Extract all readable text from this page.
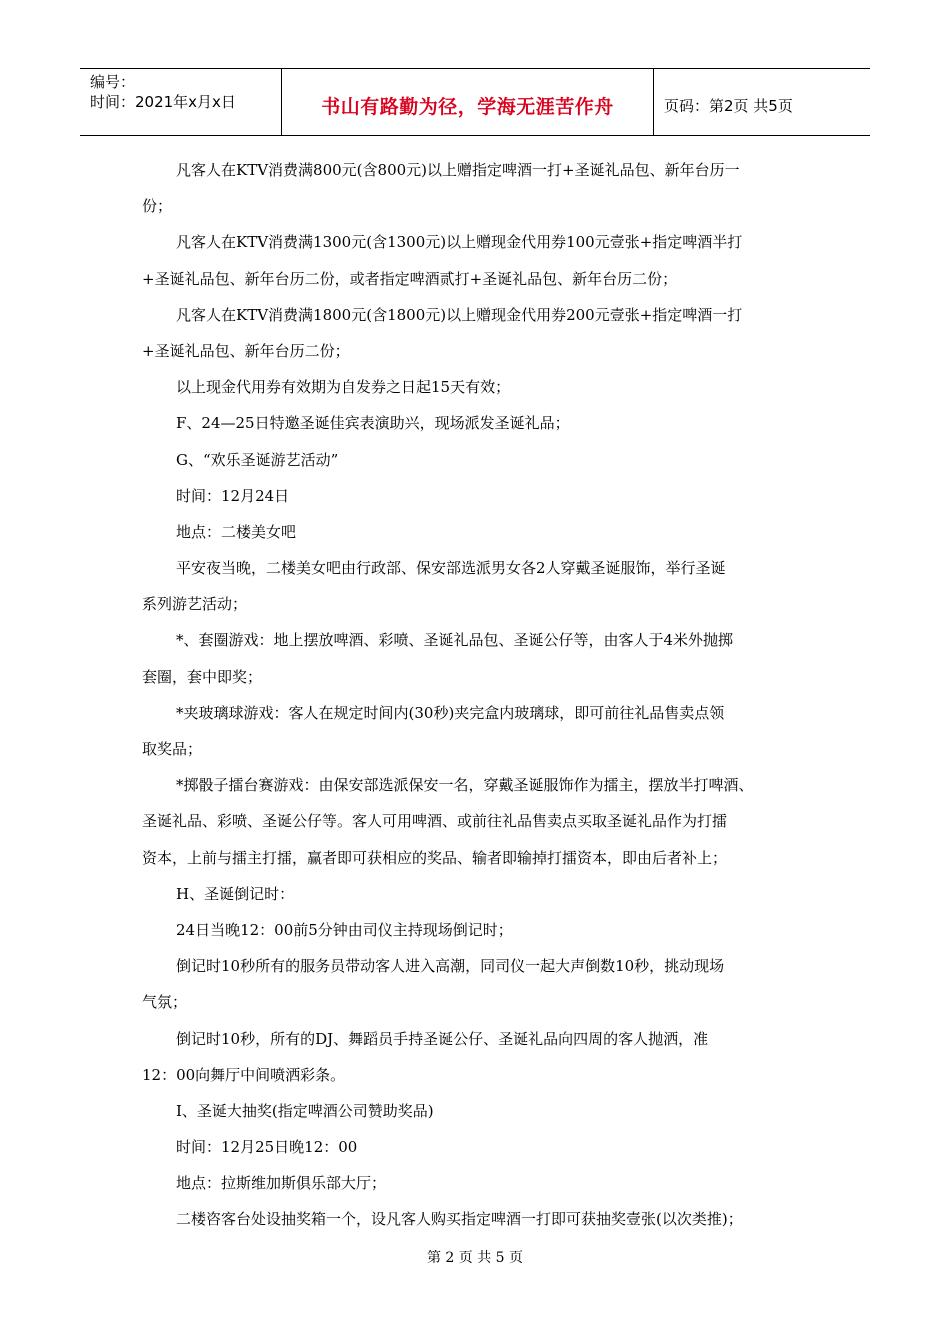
编号：
时间：2021年x月x日	书山有路勤为径，学海无涯苦作舟	页码：第2页 共5页
凡客人在KTV消费满800元(含800元)以上赠指定啤酒一打+圣诞礼品包、新年台历一
份；
凡客人在KTV消费满1300元(含1300元)以上赠现金代用券100元壹张+指定啤酒半打
+圣诞礼品包、新年台历二份，或者指定啤酒贰打+圣诞礼品包、新年台历二份；
凡客人在KTV消费满1800元(含1800元)以上赠现金代用券200元壹张+指定啤酒一打
+圣诞礼品包、新年台历二份；
以上现金代用券有效期为自发券之日起15天有效；
F、24—25日特邀圣诞佳宾表演助兴，现场派发圣诞礼品；
G、“欢乐圣诞游艺活动”
时间：12月24日
地点：二楼美女吧
平安夜当晚，二楼美女吧由行政部、保安部选派男女各2人穿戴圣诞服饰，举行圣诞
系列游艺活动；
*、套圈游戏：地上摆放啤酒、彩喷、圣诞礼品包、圣诞公仔等，由客人于4米外抛掷
套圈，套中即奖；
*夹玻璃球游戏：客人在规定时间内(30秒)夹完盒内玻璃球，即可前往礼品售卖点领
取奖品；
*掷骰子擂台赛游戏：由保安部选派保安一名，穿戴圣诞服饰作为擂主，摆放半打啤酒、
圣诞礼品、彩喷、圣诞公仔等。客人可用啤酒、或前往礼品售卖点买取圣诞礼品作为打擂
资本，上前与擂主打擂，赢者即可获相应的奖品、输者即输掉打擂资本，即由后者补上；
H、圣诞倒记时：
24日当晚12：00前5分钟由司仪主持现场倒记时；
倒记时10秒所有的服务员带动客人进入高潮，同司仪一起大声倒数10秒，挑动现场
气氛；
倒记时10秒，所有的DJ、舞蹈员手持圣诞公仔、圣诞礼品向四周的客人抛洒，准
12：00向舞厅中间喷洒彩条。
I、圣诞大抽奖(指定啤酒公司赞助奖品)
时间：12月25日晚12：00
地点：拉斯维加斯俱乐部大厅；
二楼咨客台处设抽奖箱一个，设凡客人购买指定啤酒一打即可获抽奖壹张(以次类推)；
第 2 页 共 5 页
